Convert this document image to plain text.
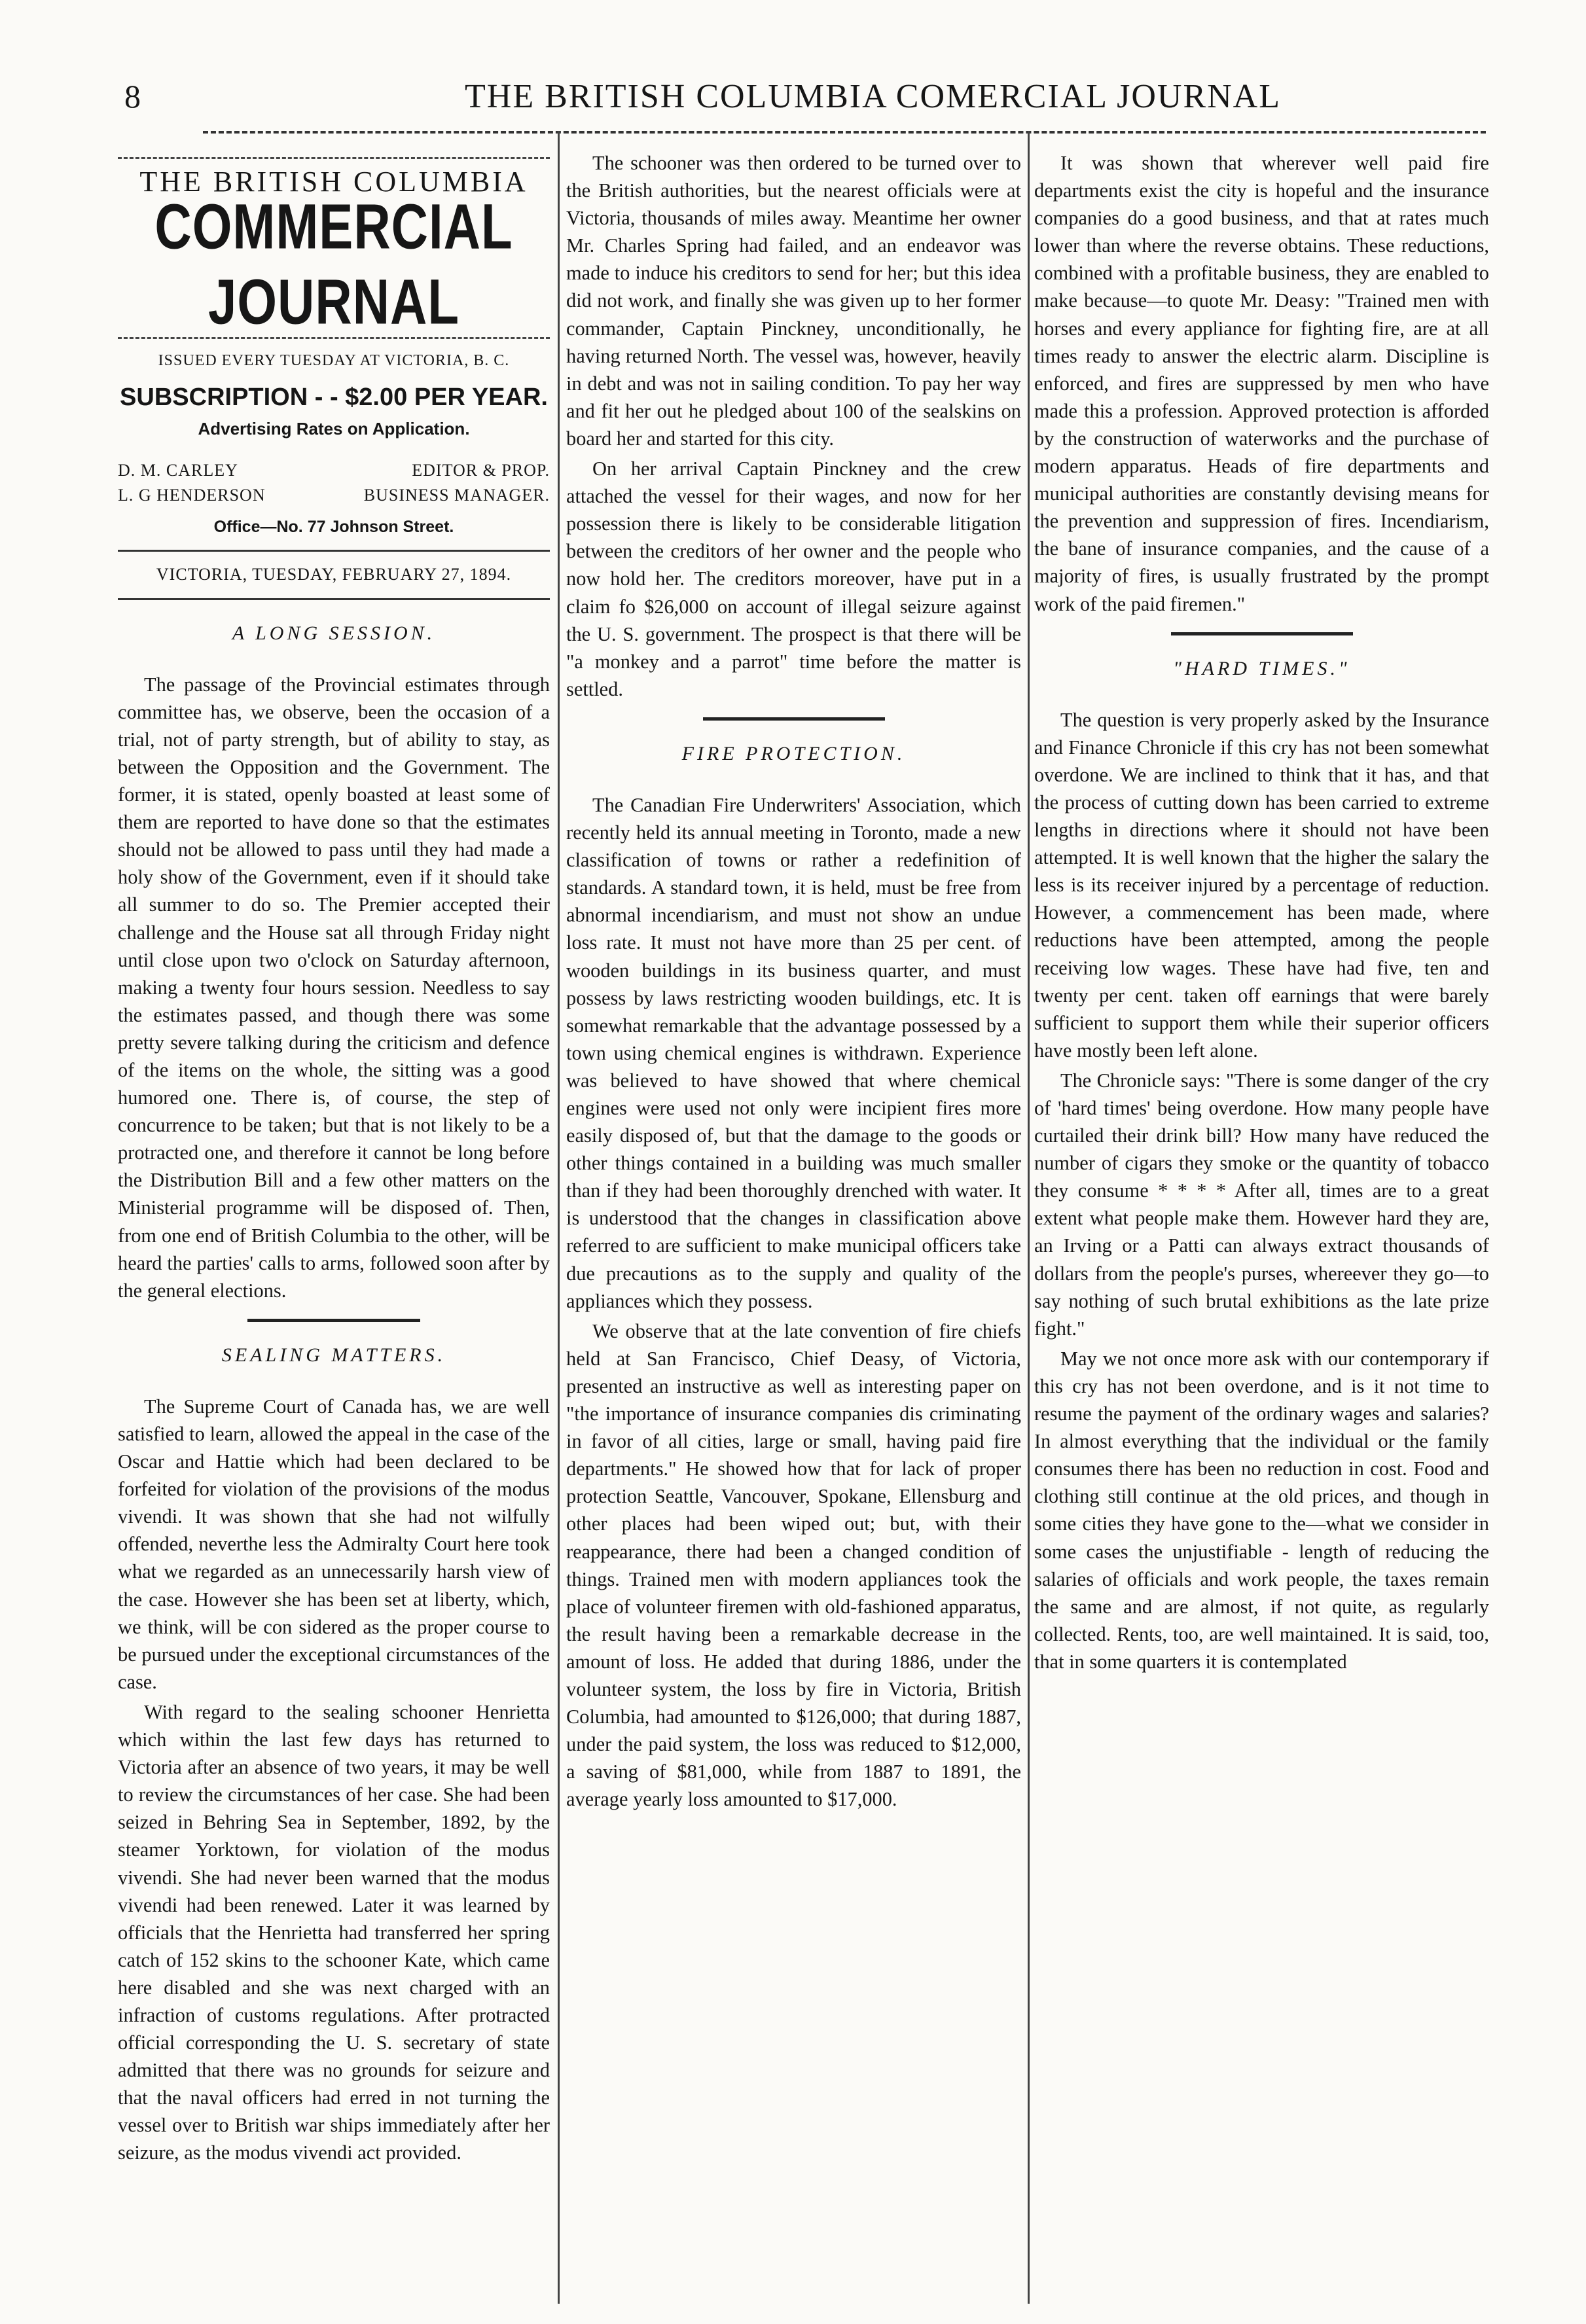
8	THE BRITISH COLUMBIA COMERCIAL JOURNAL
THE BRITISH COLUMBIA
COMMERCIAL JOURNAL
ISSUED EVERY TUESDAY AT VICTORIA, B. C.
SUBSCRIPTION - - $2.00 PER YEAR.
Advertising Rates on Application.
D. M. CARLEY	EDITOR & PROP.
L. G HENDERSON	BUSINESS MANAGER.
Office—No. 77 Johnson Street.
VICTORIA, TUESDAY, FEBRUARY 27, 1894.
A LONG SESSION.

The passage of the Provincial estimates through committee has, we observe, been the occasion of a trial, not of party strength, but of ability to stay, as between the Opposition and the Government. The former, it is stated, openly boasted at least some of them are reported to have done so that the estimates should not be allowed to pass until they had made a holy show of the Government, even if it should take all summer to do so. The Premier accepted their challenge and the House sat all through Friday night until close upon two o'clock on Saturday afternoon, making a twenty four hours session. Needless to say the estimates passed, and though there was some pretty severe talking during the criticism and defence of the items on the whole, the sitting was a good humored one. There is, of course, the step of concurrence to be taken; but that is not likely to be a protracted one, and therefore it cannot be long before the Distribution Bill and a few other matters on the Ministerial programme will be disposed of. Then, from one end of British Columbia to the other, will be heard the parties' calls to arms, followed soon after by the general elections.

SEALING MATTERS.

The Supreme Court of Canada has, we are well satisfied to learn, allowed the appeal in the case of the Oscar and Hattie which had been declared to be forfeited for violation of the provisions of the modus vivendi. It was shown that she had not wilfully offended, neverthe less the Admiralty Court here took what we regarded as an unnecessarily harsh view of the case. However she has been set at liberty, which, we think, will be con sidered as the proper course to be pursued under the exceptional circumstances of the case.

With regard to the sealing schooner Henrietta which within the last few days has returned to Victoria after an absence of two years, it may be well to review the circumstances of her case. She had been seized in Behring Sea in September, 1892, by the steamer Yorktown, for violation of the modus vivendi. She had never been warned that the modus vivendi had been renewed. Later it was learned by officials that the Henrietta had transferred her spring catch of 152 skins to the schooner Kate, which came here disabled and she was next charged with an infraction of customs regulations. After protracted official corresponding the U. S. secretary of state admitted that there was no grounds for seizure and that the naval officers had erred in not turning the vessel over to British war ships immediately after her seizure, as the modus vivendi act provided.

The schooner was then ordered to be turned over to the British authorities, but the nearest officials were at Victoria, thousands of miles away. Meantime her owner Mr. Charles Spring had failed, and an endeavor was made to induce his creditors to send for her; but this idea did not work, and finally she was given up to her former commander, Captain Pinckney, unconditionally, he having returned North. The vessel was, however, heavily in debt and was not in sailing condition. To pay her way and fit her out he pledged about 100 of the sealskins on board her and started for this city.

On her arrival Captain Pinckney and the crew attached the vessel for their wages, and now for her possession there is likely to be considerable litigation between the creditors of her owner and the people who now hold her. The creditors moreover, have put in a claim fo $26,000 on account of illegal seizure against the U. S. government. The prospect is that there will be "a monkey and a parrot" time before the matter is settled.

FIRE PROTECTION.

The Canadian Fire Underwriters' Association, which recently held its annual meeting in Toronto, made a new classification of towns or rather a redefinition of standards. A standard town, it is held, must be free from abnormal incendiarism, and must not show an undue loss rate. It must not have more than 25 per cent. of wooden buildings in its business quarter, and must possess by laws restricting wooden buildings, etc. It is somewhat remarkable that the advantage possessed by a town using chemical engines is withdrawn. Experience was believed to have showed that where chemical engines were used not only were incipient fires more easily disposed of, but that the damage to the goods or other things contained in a building was much smaller than if they had been thoroughly drenched with water. It is understood that the changes in classification above referred to are sufficient to make municipal officers take due precautions as to the supply and quality of the appliances which they possess.

We observe that at the late convention of fire chiefs held at San Francisco, Chief Deasy, of Victoria, presented an instructive as well as interesting paper on "the importance of insurance companies dis criminating in favor of all cities, large or small, having paid fire departments." He showed how that for lack of proper protection Seattle, Vancouver, Spokane, Ellensburg and other places had been wiped out; but, with their reappearance, there had been a changed condition of things. Trained men with modern appliances took the place of volunteer firemen with old-fashioned apparatus, the result having been a remarkable decrease in the amount of loss. He added that during 1886, under the volunteer system, the loss by fire in Victoria, British Columbia, had amounted to $126,000; that during 1887, under the paid system, the loss was reduced to $12,000, a saving of $81,000, while from 1887 to 1891, the average yearly loss amounted to $17,000.

It was shown that wherever well paid fire departments exist the city is hopeful and the insurance companies do a good business, and that at rates much lower than where the reverse obtains. These reductions, combined with a profitable business, they are enabled to make because—to quote Mr. Deasy: "Trained men with horses and every appliance for fighting fire, are at all times ready to answer the electric alarm. Discipline is enforced, and fires are suppressed by men who have made this a profession. Approved protection is afforded by the construction of waterworks and the purchase of modern apparatus. Heads of fire departments and municipal authorities are constantly devising means for the prevention and suppression of fires. Incendiarism, the bane of insurance companies, and the cause of a majority of fires, is usually frustrated by the prompt work of the paid firemen."

"HARD TIMES."

The question is very properly asked by the Insurance and Finance Chronicle if this cry has not been somewhat overdone. We are inclined to think that it has, and that the process of cutting down has been carried to extreme lengths in directions where it should not have been attempted. It is well known that the higher the salary the less is its receiver injured by a percentage of reduction. However, a commencement has been made, where reductions have been attempted, among the people receiving low wages. These have had five, ten and twenty per cent. taken off earnings that were barely sufficient to support them while their superior officers have mostly been left alone.

The Chronicle says: "There is some danger of the cry of 'hard times' being overdone. How many people have curtailed their drink bill? How many have reduced the number of cigars they smoke or the quantity of tobacco they consume * * * * After all, times are to a great extent what people make them. However hard they are, an Irving or a Patti can always extract thousands of dollars from the people's purses, whereever they go—to say nothing of such brutal exhibitions as the late prize fight."

May we not once more ask with our contemporary if this cry has not been overdone, and is it not time to resume the payment of the ordinary wages and salaries? In almost everything that the individual or the family consumes there has been no reduction in cost. Food and clothing still continue at the old prices, and though in some cities they have gone to the—what we consider in some cases the unjustifiable - length of reducing the salaries of officials and work people, the taxes remain the same and are almost, if not quite, as regularly collected. Rents, too, are well maintained. It is said, too, that in some quarters it is contemplated
